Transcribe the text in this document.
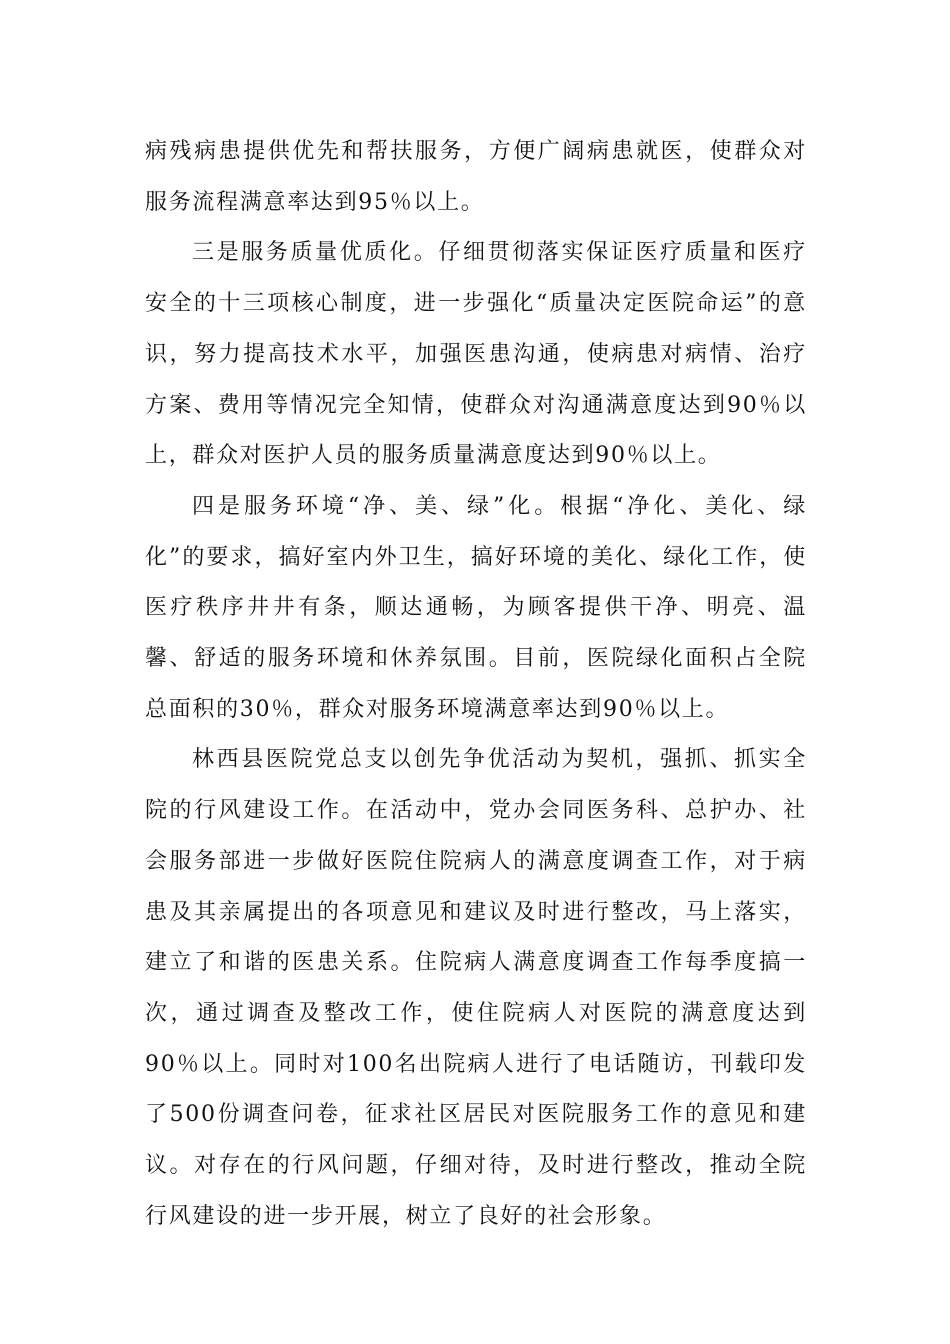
病残病患提供优先和帮扶服务，方便广阔病患就医，使群众对服务流程满意率达到95％以上。

三是服务质量优质化。仔细贯彻落实保证医疗质量和医疗安全的十三项核心制度，进一步强化“质量决定医院命运”的意识，努力提高技术水平，加强医患沟通，使病患对病情、治疗方案、费用等情况完全知情，使群众对沟通满意度达到90％以上，群众对医护人员的服务质量满意度达到90％以上。

四是服务环境“净、美、绿”化。根据“净化、美化、绿化”的要求，搞好室内外卫生，搞好环境的美化、绿化工作，使医疗秩序井井有条，顺达通畅，为顾客提供干净、明亮、温馨、舒适的服务环境和休养氛围。目前，医院绿化面积占全院总面积的30％，群众对服务环境满意率达到90％以上。

林西县医院党总支以创先争优活动为契机，强抓、抓实全院的行风建设工作。在活动中，党办会同医务科、总护办、社会服务部进一步做好医院住院病人的满意度调查工作，对于病患及其亲属提出的各项意见和建议及时进行整改，马上落实，建立了和谐的医患关系。住院病人满意度调查工作每季度搞一次，通过调查及整改工作，使住院病人对医院的满意度达到90％以上。同时对100名出院病人进行了电话随访，刊载印发了500份调查问卷，征求社区居民对医院服务工作的意见和建议。对存在的行风问题，仔细对待，及时进行整改，推动全院行风建设的进一步开展，树立了良好的社会形象。
